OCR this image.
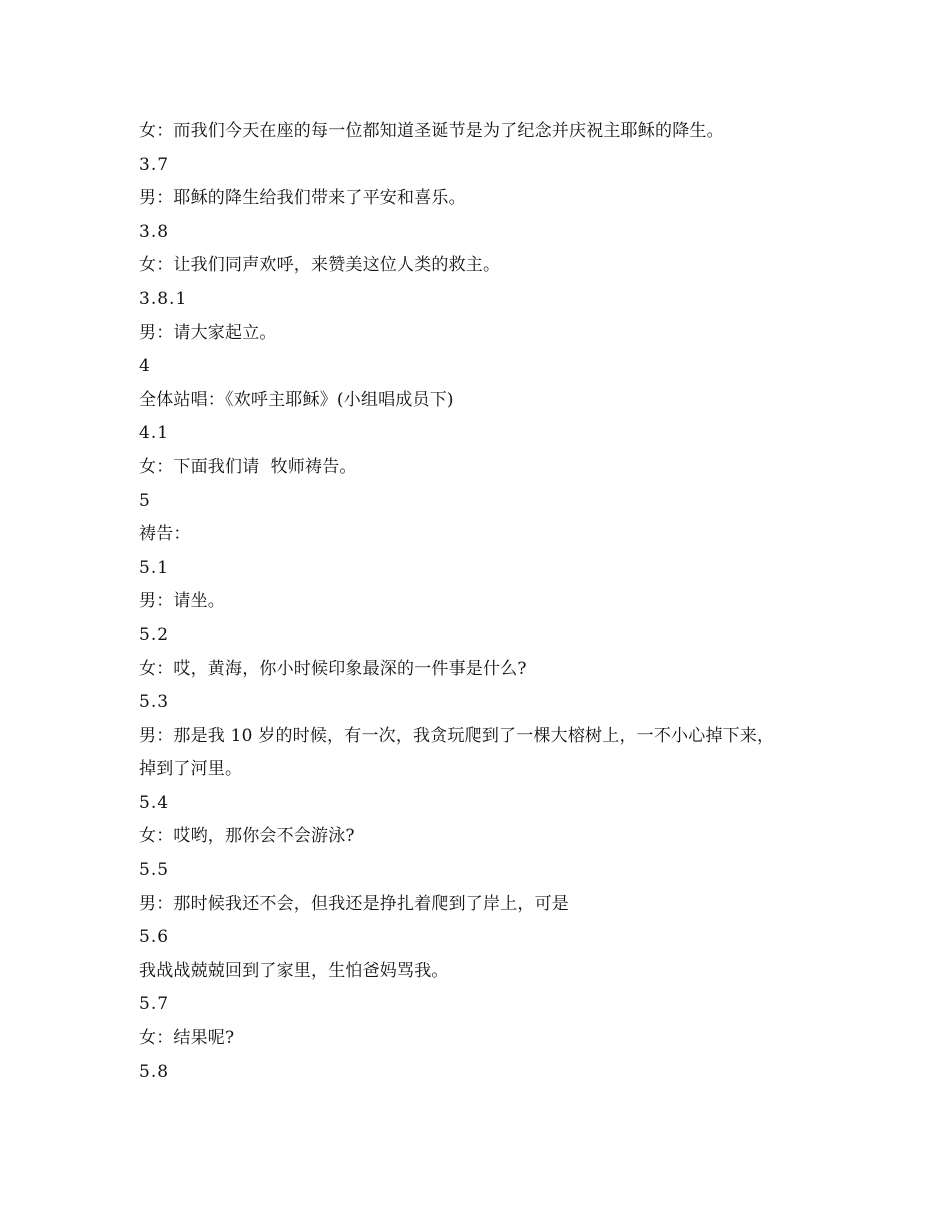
女：而我们今天在座的每一位都知道圣诞节是为了纪念并庆祝主耶稣的降生。
3.7
男：耶稣的降生给我们带来了平安和喜乐。
3.8
女：让我们同声欢呼，来赞美这位人类的救主。
3.8.1
男：请大家起立。
4
全体站唱：《欢呼主耶稣》(小组唱成员下)
4.1
女：下面我们请  牧师祷告。
5
祷告：
5.1
男：请坐。
5.2
女：哎，黄海，你小时候印象最深的一件事是什么?
5.3
男：那是我 10 岁的时候，有一次，我贪玩爬到了一棵大榕树上，一不小心掉下来，
掉到了河里。
5.4
女：哎哟，那你会不会游泳?
5.5
男：那时候我还不会，但我还是挣扎着爬到了岸上，可是
5.6
我战战兢兢回到了家里，生怕爸妈骂我。
5.7
女：结果呢?
5.8
